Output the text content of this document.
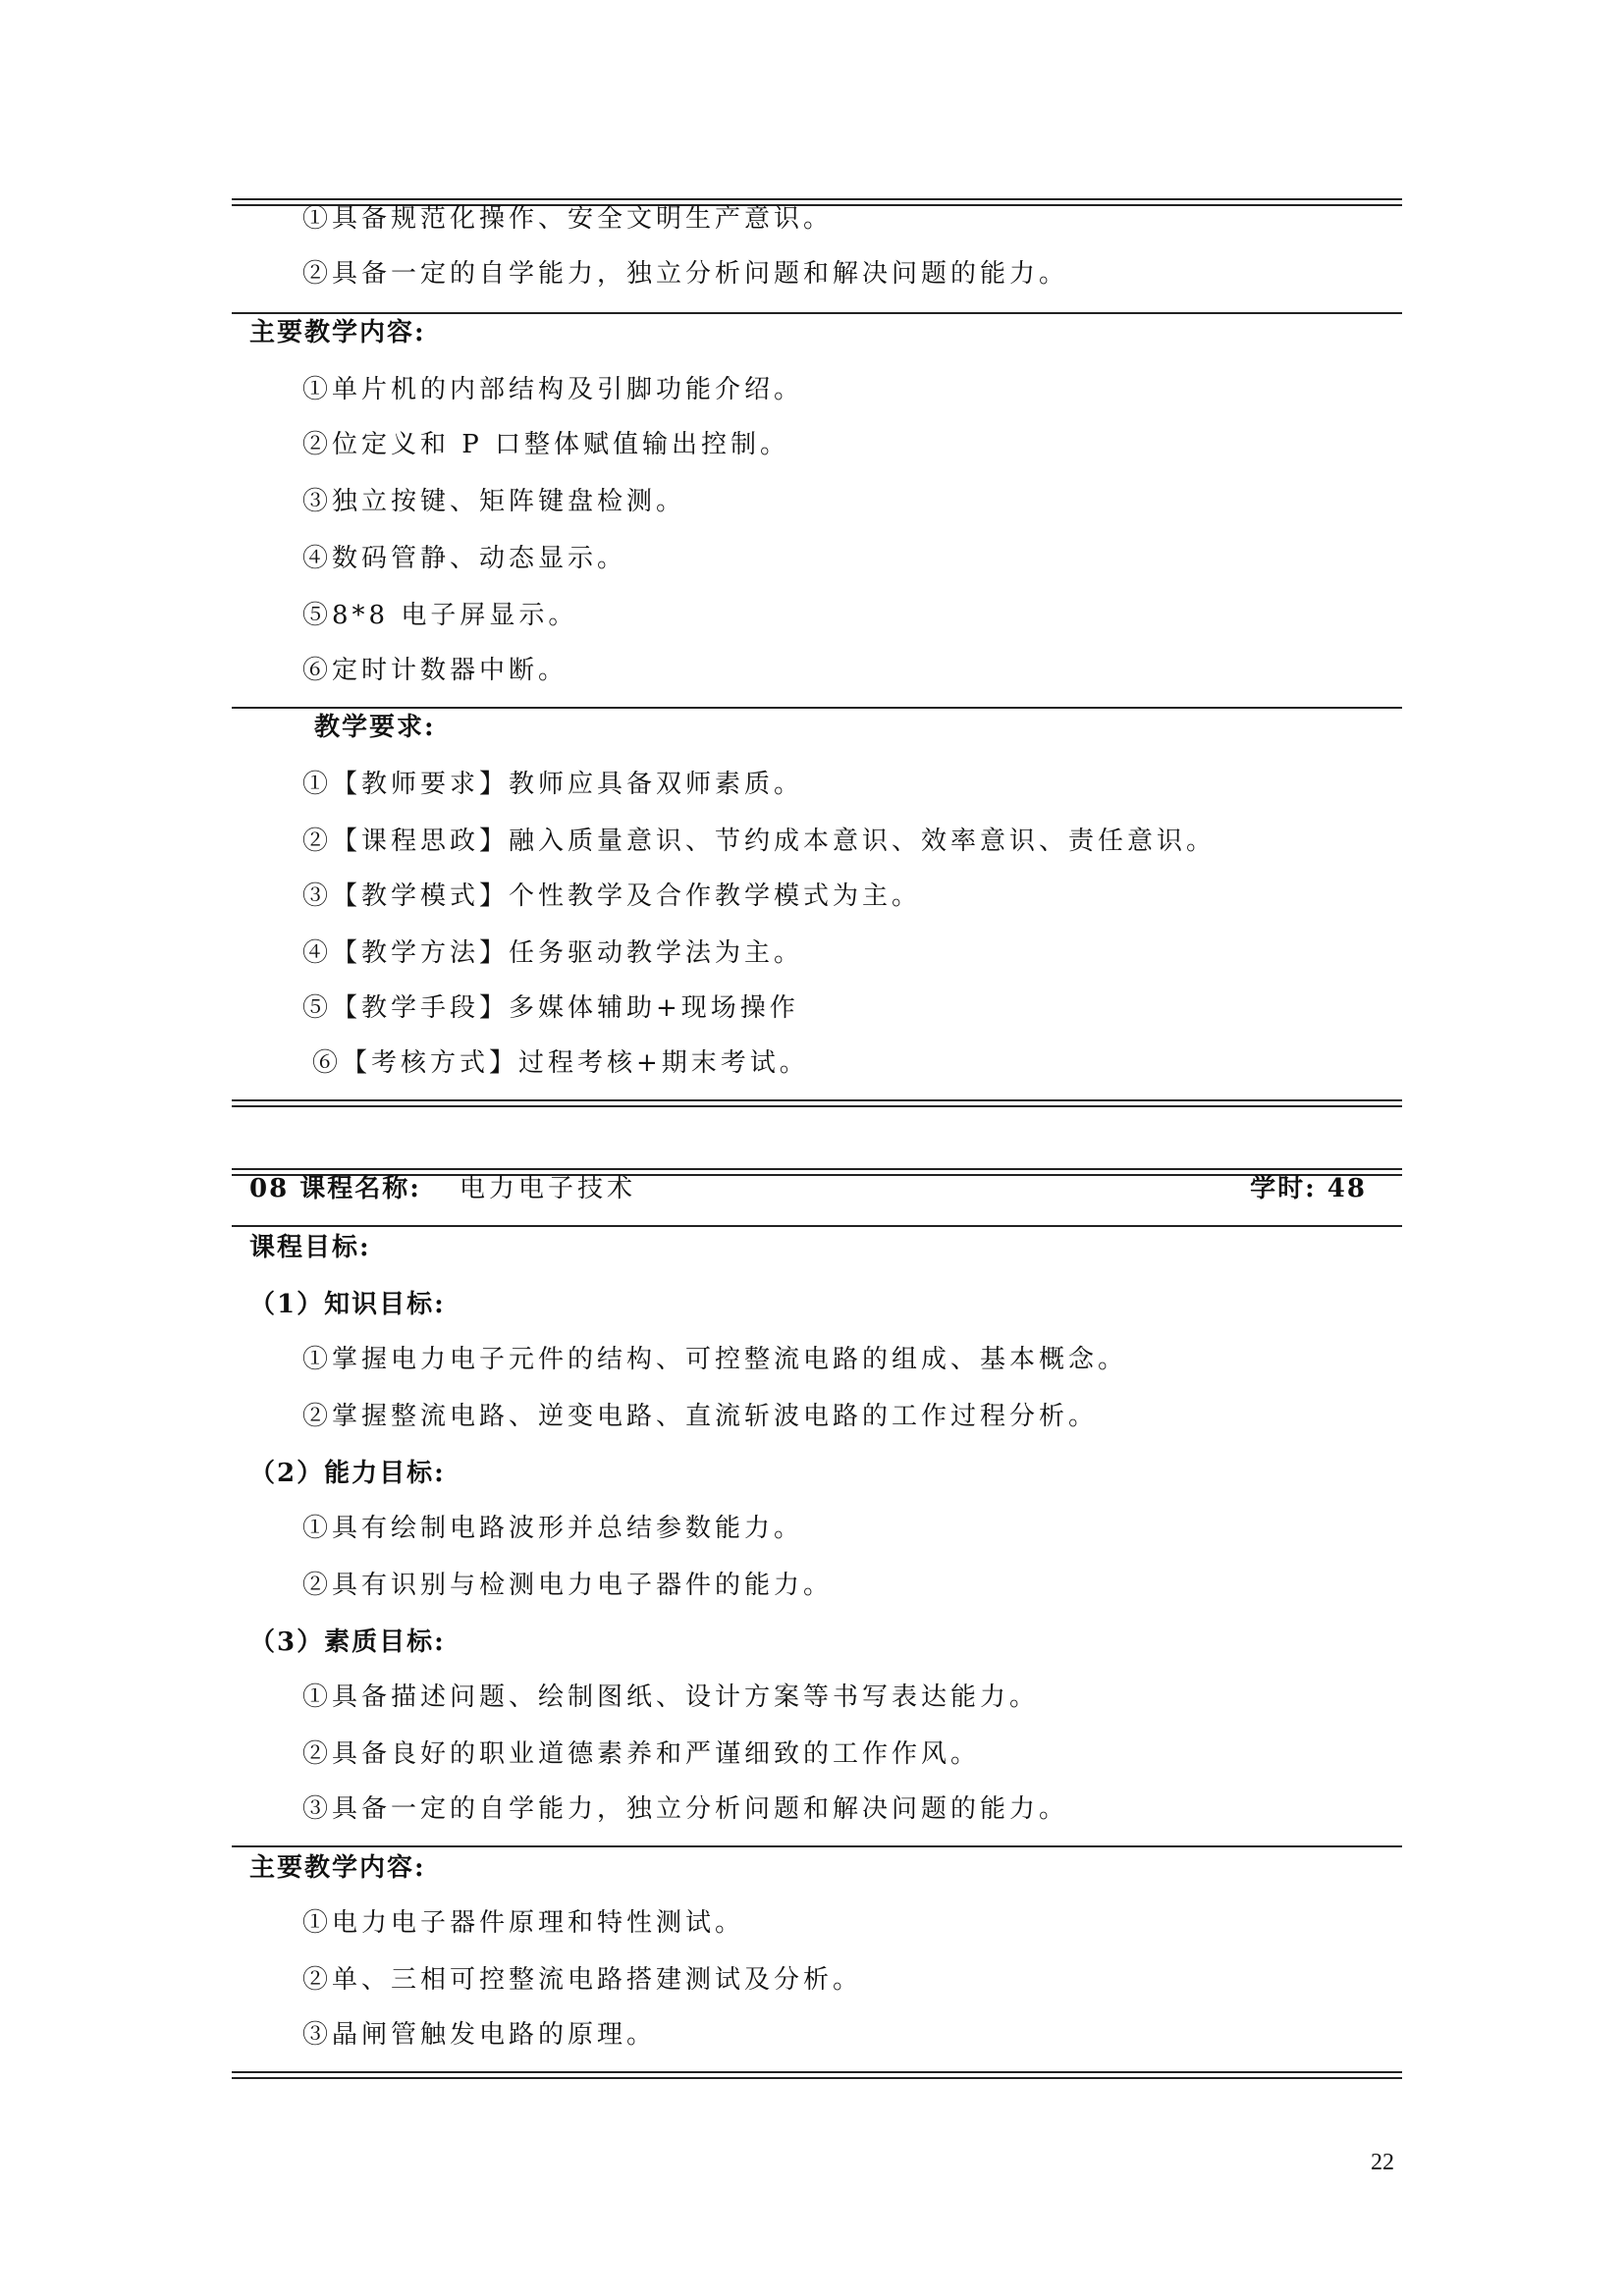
①具备规范化操作、安全文明生产意识。
②具备一定的自学能力，独立分析问题和解决问题的能力。
主要教学内容:
①单片机的内部结构及引脚功能介绍。
②位定义和 P 口整体赋值输出控制。
③独立按键、矩阵键盘检测。
④数码管静、动态显示。
⑤8*8 电子屏显示。
⑥定时计数器中断。
教学要求:
①【教师要求】教师应具备双师素质。
②【课程思政】融入质量意识、节约成本意识、效率意识、责任意识。
③【教学模式】个性教学及合作教学模式为主。
④【教学方法】任务驱动教学法为主。
⑤【教学手段】多媒体辅助+现场操作
⑥【考核方式】过程考核+期末考试。
08 课程名称: 电力电子技术	学时: 48
课程目标:
（1）知识目标:
①掌握电力电子元件的结构、可控整流电路的组成、基本概念。
②掌握整流电路、逆变电路、直流斩波电路的工作过程分析。
（2）能力目标:
①具有绘制电路波形并总结参数能力。
②具有识别与检测电力电子器件的能力。
（3）素质目标:
①具备描述问题、绘制图纸、设计方案等书写表达能力。
②具备良好的职业道德素养和严谨细致的工作作风。
③具备一定的自学能力，独立分析问题和解决问题的能力。
主要教学内容:
①电力电子器件原理和特性测试。
②单、三相可控整流电路搭建测试及分析。
③晶闸管触发电路的原理。
22
